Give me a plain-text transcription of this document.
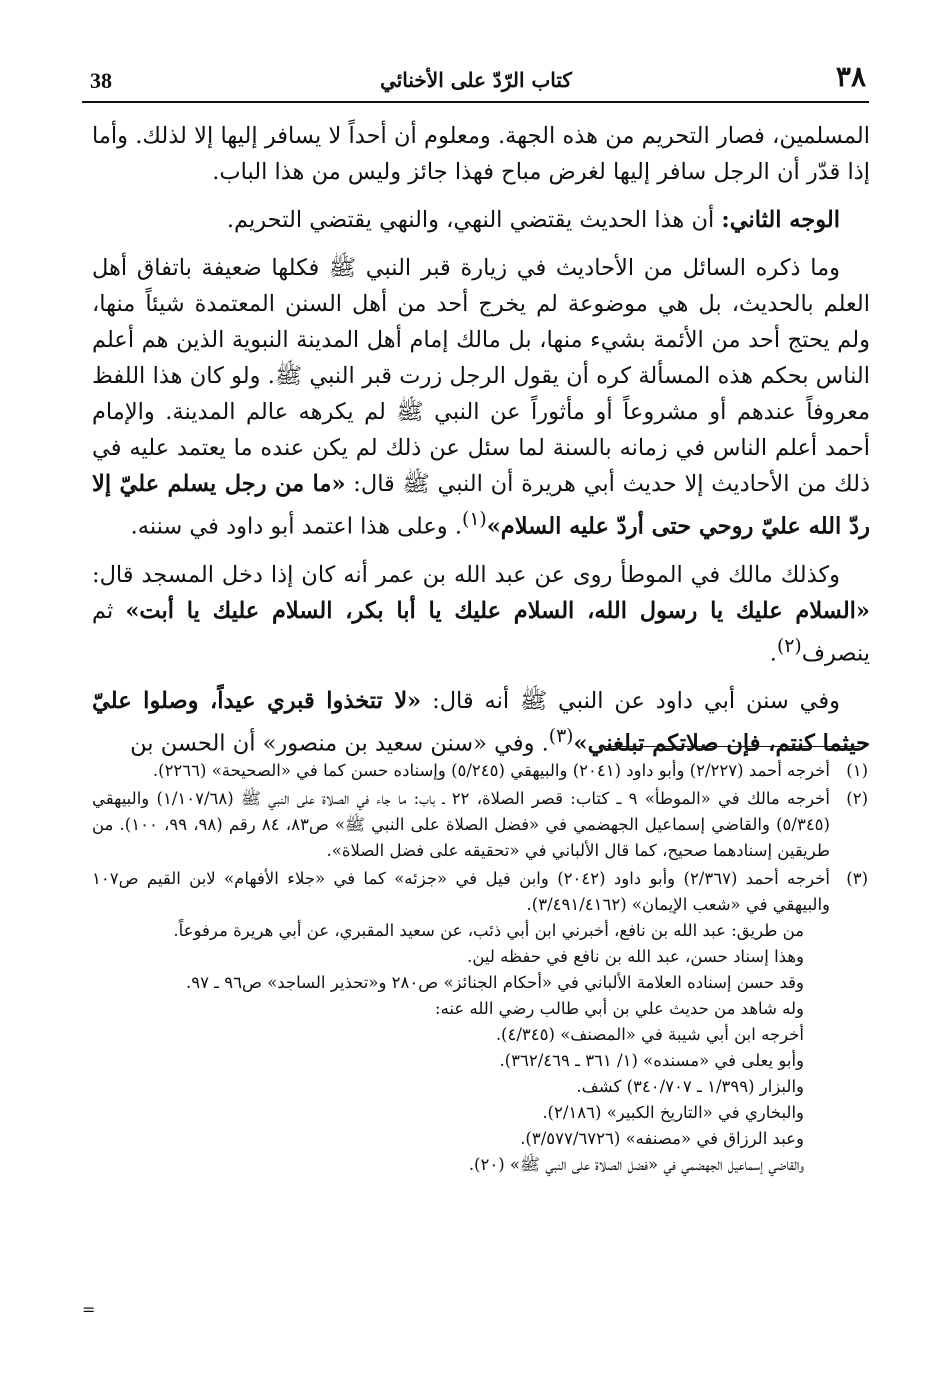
38	كتاب الرّدّ على الأخنائي	٣٨

المسلمين، فصار التحريم من هذه الجهة. ومعلوم أن أحداً لا يسافر إليها إلا لذلك. وأما إذا قدّر أن الرجل سافر إليها لغرض مباح فهذا جائز وليس من هذا الباب.

الوجه الثاني: أن هذا الحديث يقتضي النهي، والنهي يقتضي التحريم.

وما ذكره السائل من الأحاديث في زيارة قبر النبي ﷺ فكلها ضعيفة باتفاق أهل العلم بالحديث، بل هي موضوعة لم يخرج أحد من أهل السنن المعتمدة شيئاً منها، ولم يحتج أحد من الأئمة بشيء منها، بل مالك إمام أهل المدينة النبوية الذين هم أعلم الناس بحكم هذه المسألة كره أن يقول الرجل زرت قبر النبي ﷺ. ولو كان هذا اللفظ معروفاً عندهم أو مشروعاً أو مأثوراً عن النبي ﷺ لم يكرهه عالم المدينة. والإمام أحمد أعلم الناس في زمانه بالسنة لما سئل عن ذلك لم يكن عنده ما يعتمد عليه في ذلك من الأحاديث إلا حديث أبي هريرة أن النبي ﷺ قال: «ما من رجل يسلم عليّ إلا ردّ الله عليّ روحي حتى أردّ عليه السلام»$^{(١)}$. وعلى هذا اعتمد أبو داود في سننه.

وكذلك مالك في الموطأ روى عن عبد الله بن عمر أنه كان إذا دخل المسجد قال: «السلام عليك يا رسول الله، السلام عليك يا أبا بكر، السلام عليك يا أبت» ثم ينصرف$^{(٢)}$.

وفي سنن أبي داود عن النبي ﷺ أنه قال: «لا تتخذوا قبري عيداً، وصلوا عليّ حيثما كنتم، فإن صلاتكم تبلغني»$^{(٣)}$. وفي «سنن سعيد بن منصور» أن الحسن بن

(١)
أخرجه أحمد (٢/٢٢٧) وأبو داود (٢٠٤١) والبيهقي (٥/٢٤٥) وإسناده حسن كما في «الصحيحة» (٢٢٦٦).
(٢)
أخرجه مالك في «الموطأ» ٩ ـ كتاب: قصر الصلاة، ٢٢ ـ باب: ما جاء في الصلاة على النبي ﷺ (١/١٠٧/٦٨) والبيهقي (٥/٣٤٥) والقاضي إسماعيل الجهضمي في «فضل الصلاة على النبي ﷺ» ص٨٣، ٨٤ رقم (٩٨، ٩٩، ١٠٠). من طريقين إسنادهما صحيح، كما قال الألباني في «تحقيقه على فضل الصلاة».
(٣)
أخرجه أحمد (٢/٣٦٧) وأبو داود (٢٠٤٢) وابن فيل في «جزئه» كما في «جلاء الأفهام» لابن القيم ص١٠٧ والبيهقي في «شعب الإيمان» (٣/٤٩١/٤١٦٢).
من طريق: عبد الله بن نافع، أخبرني ابن أبي ذئب، عن سعيد المقبري، عن أبي هريرة مرفوعاً.
وهذا إسناد حسن، عبد الله بن نافع في حفظه لين.
وقد حسن إسناده العلامة الألباني في «أحكام الجنائز» ص٢٨٠ و«تحذير الساجد» ص٩٦ ـ ٩٧.
وله شاهد من حديث علي بن أبي طالب رضي الله عنه:
أخرجه ابن أبي شيبة في «المصنف» (٤/٣٤٥).
وأبو يعلى في «مسنده» (١/ ٣٦١ ـ ٣٦٢/٤٦٩).
والبزار (١/٣٩٩ ـ ٣٤٠/٧٠٧) كشف.
والبخاري في «التاريخ الكبير» (٢/١٨٦).
وعبد الرزاق في «مصنفه» (٣/٥٧٧/٦٧٢٦).
والقاضي إسماعيل الجهضمي في «فضل الصلاة على النبي ﷺ» (٢٠).
=
